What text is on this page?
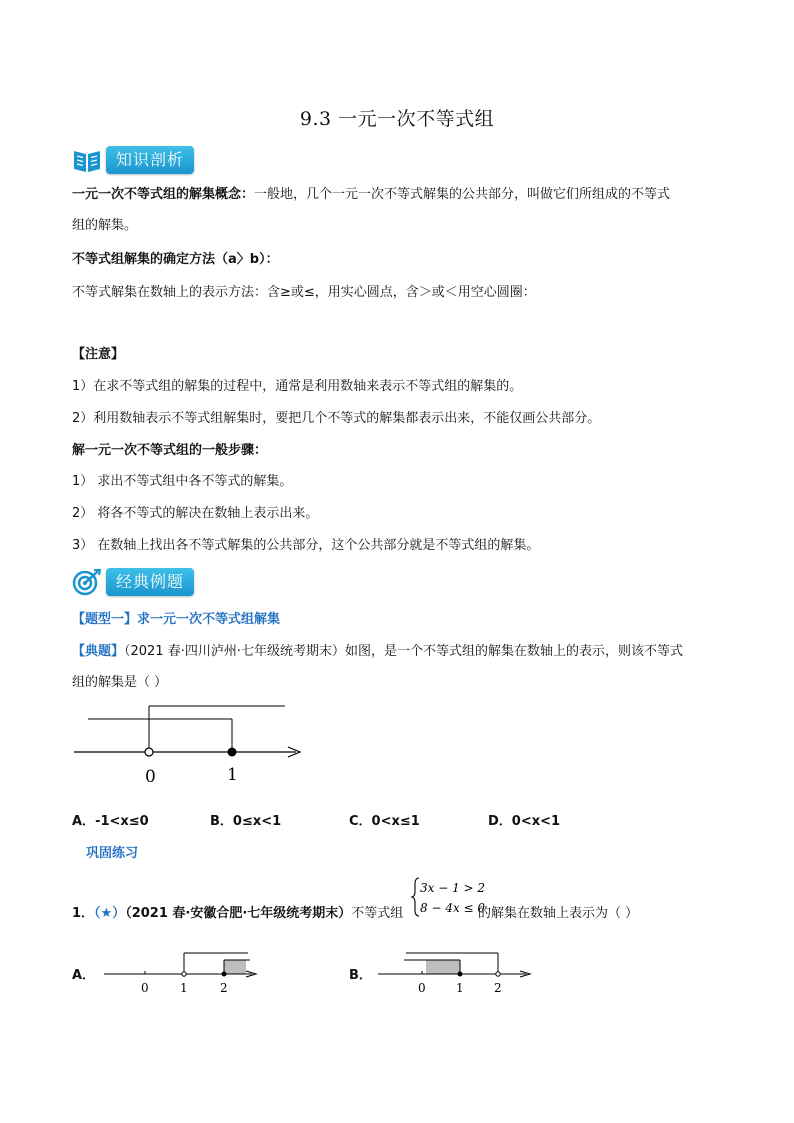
9.3 一元一次不等式组
知识剖析
一元一次不等式组的解集概念：一般地，几个一元一次不等式解集的公共部分，叫做它们所组成的不等式
组的解集。
不等式组解集的确定方法（a〉b）：
不等式解集在数轴上的表示方法：含≥或≤，用实心圆点，含＞或＜用空心圆圈：
【注意】
1）在求不等式组的解集的过程中，通常是利用数轴来表示不等式组的解集的。
2）利用数轴表示不等式组解集时，要把几个不等式的解集都表示出来，不能仅画公共部分。
解一元一次不等式组的一般步骤：
1） 求出不等式组中各不等式的解集。
2） 将各不等式的解决在数轴上表示出来。
3） 在数轴上找出各不等式解集的公共部分，这个公共部分就是不等式组的解集。
经典例题
【题型一】求一元一次不等式组解集
【典题】（2021 春·四川泸州·七年级统考期末）如图，是一个不等式组的解集在数轴上的表示，则该不等式
组的解集是（ ）
0	1
A．-1<x≤0	B．0≤x<1	C．0<x≤1	D．0<x<1
巩固练习
1．（★）（2021 春·安徽合肥·七年级统考期末）不等式组
3x − 1 > 2
8 − 4x ≤ 0
的解集在数轴上表示为（ ）
A．
0	1	2
B．
0	1	2
